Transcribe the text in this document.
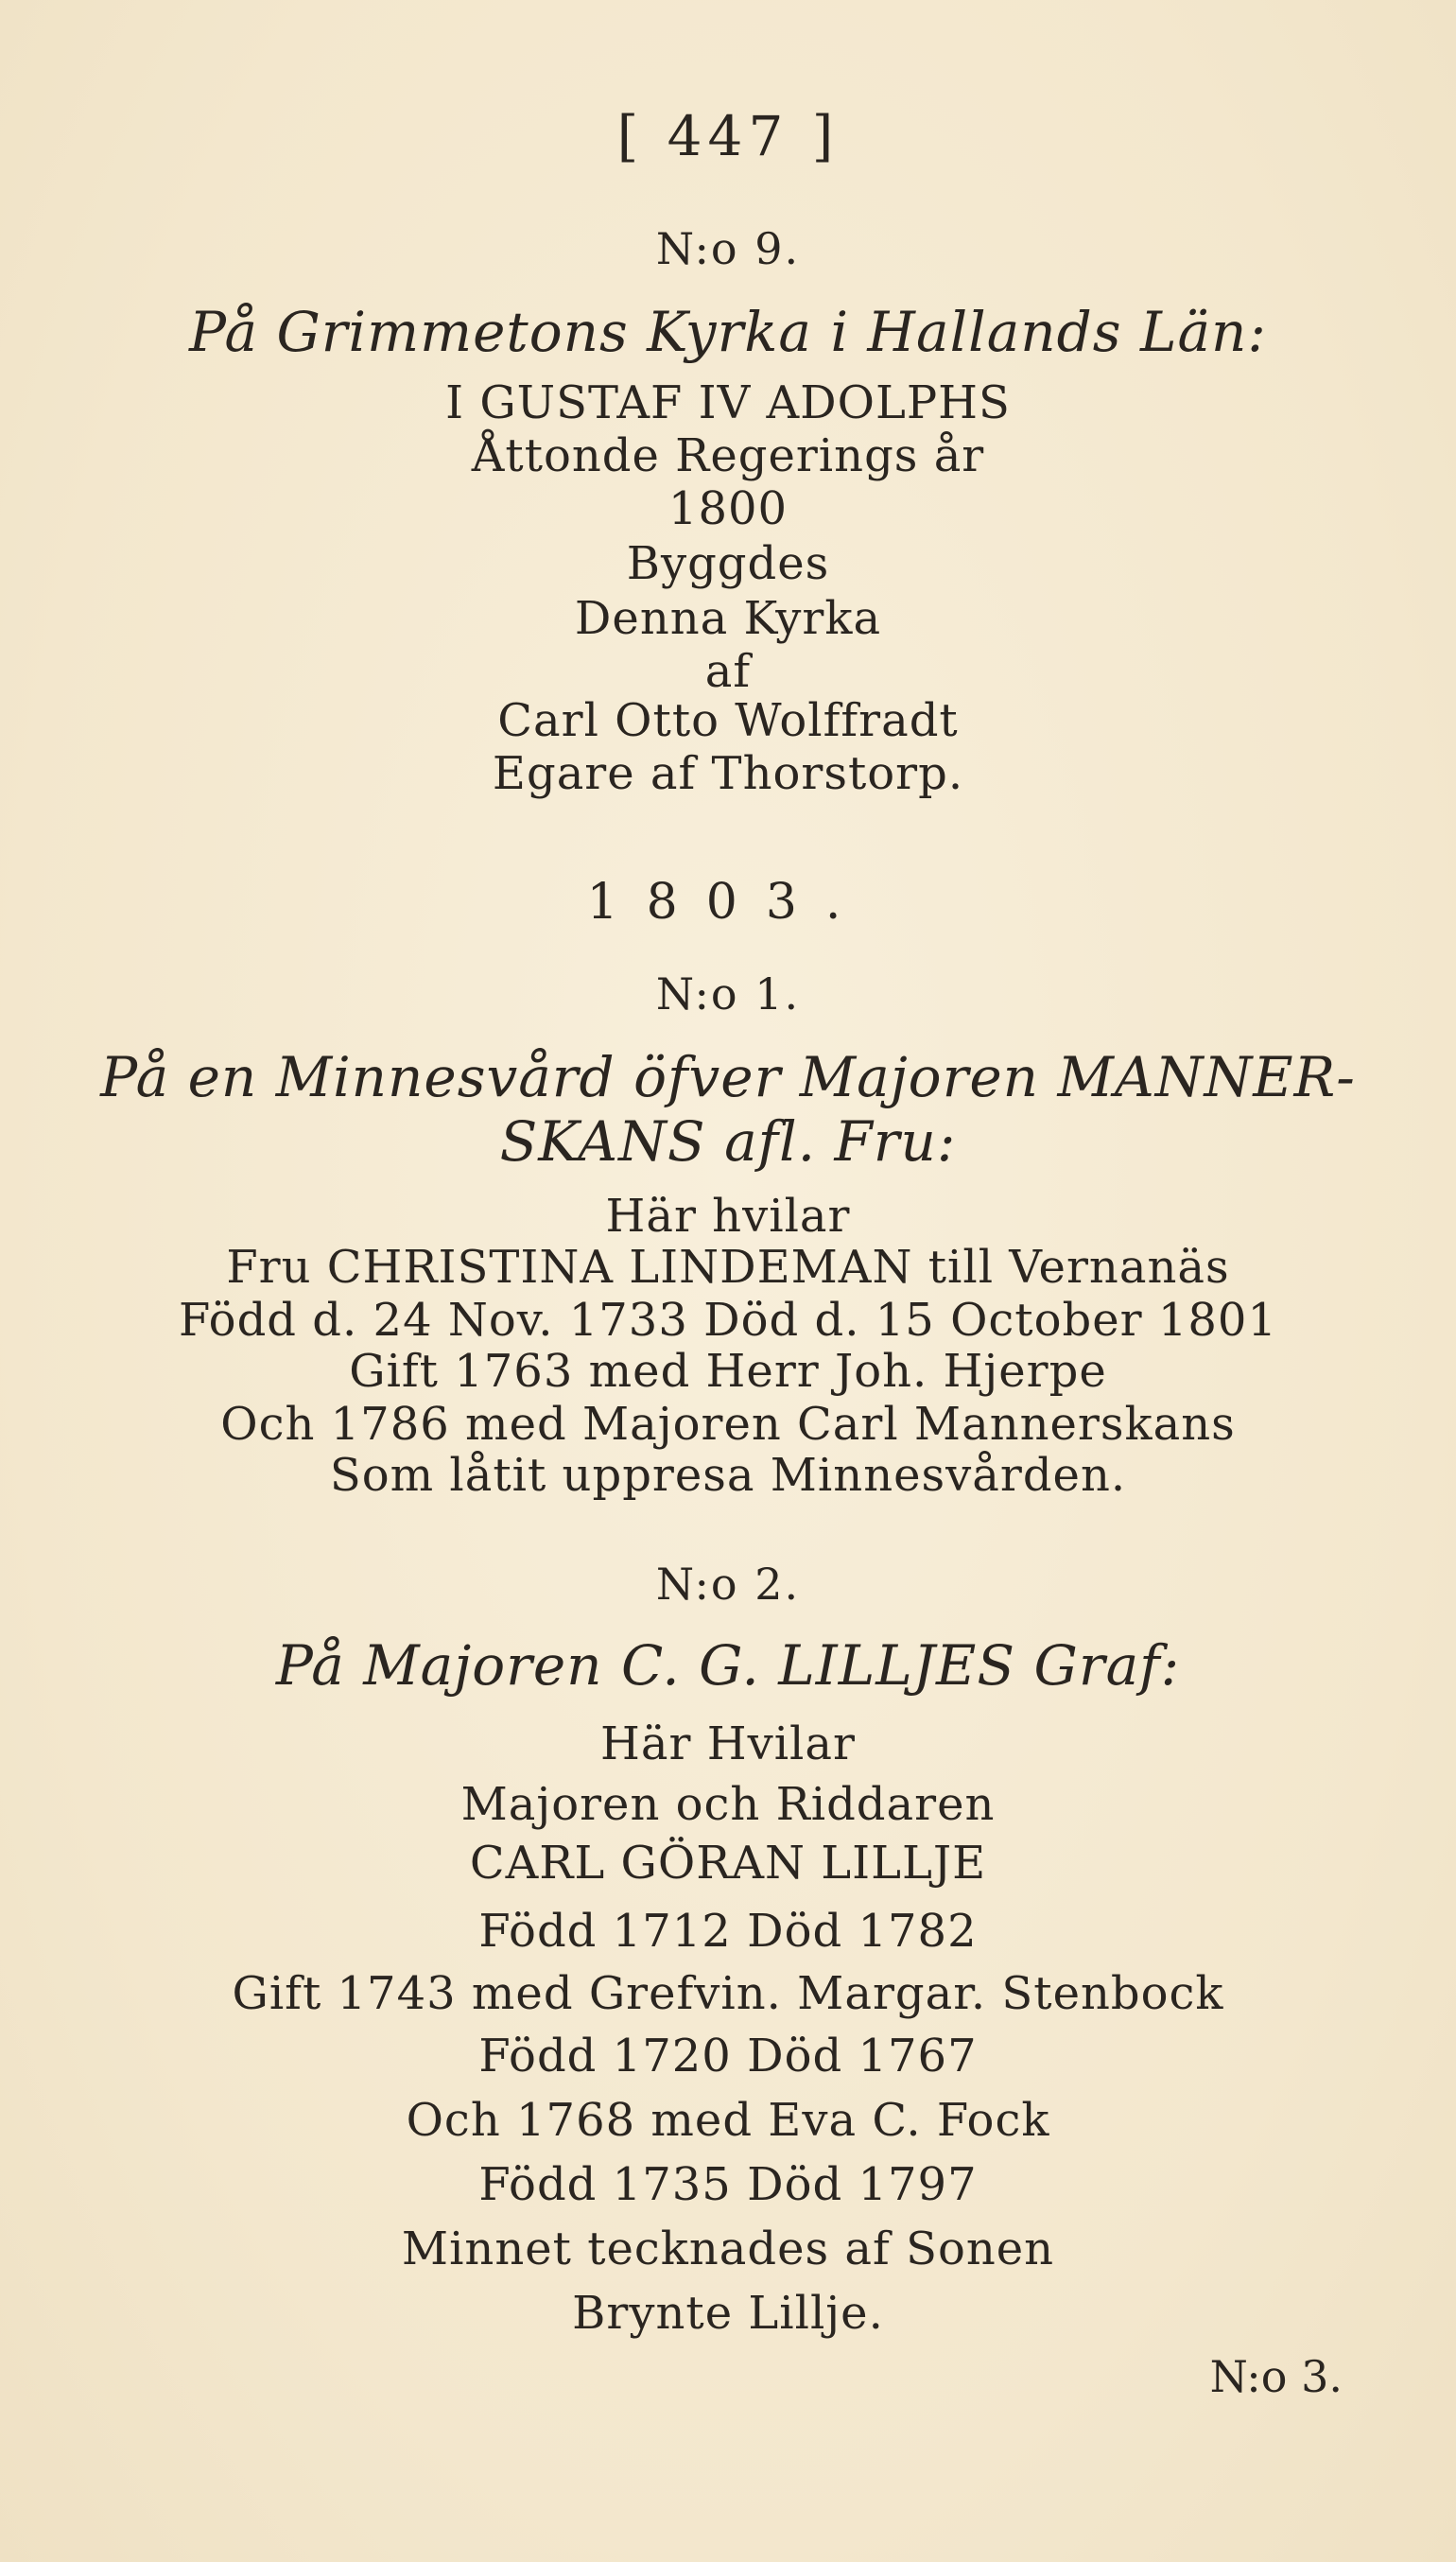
[ 447 ]
N:o 9.
På Grimmetons Kyrka i Hallands Län:
I GUSTAF IV ADOLPHS
Åttonde Regerings år
1800
Byggdes
Denna Kyrka
af
Carl Otto Wolffradt
Egare af Thorstorp.
1803.
N:o 1.
På en Minnesvård öfver Majoren MANNER-
SKANS afl. Fru:
Här hvilar
Fru CHRISTINA LINDEMAN till Vernanäs
Född d. 24 Nov. 1733 Död d. 15 October 1801
Gift 1763 med Herr Joh. Hjerpe
Och 1786 med Majoren Carl Mannerskans
Som låtit uppresa Minnesvården.
N:o 2.
På Majoren C. G. LILLJES Graf:
Här Hvilar
Majoren och Riddaren
CARL GÖRAN LILLJE
Född 1712 Död 1782
Gift 1743 med Grefvin. Margar. Stenbock
Född 1720 Död 1767
Och 1768 med Eva C. Fock
Född 1735 Död 1797
Minnet tecknades af Sonen
Brynte Lillje.
N:o 3.
